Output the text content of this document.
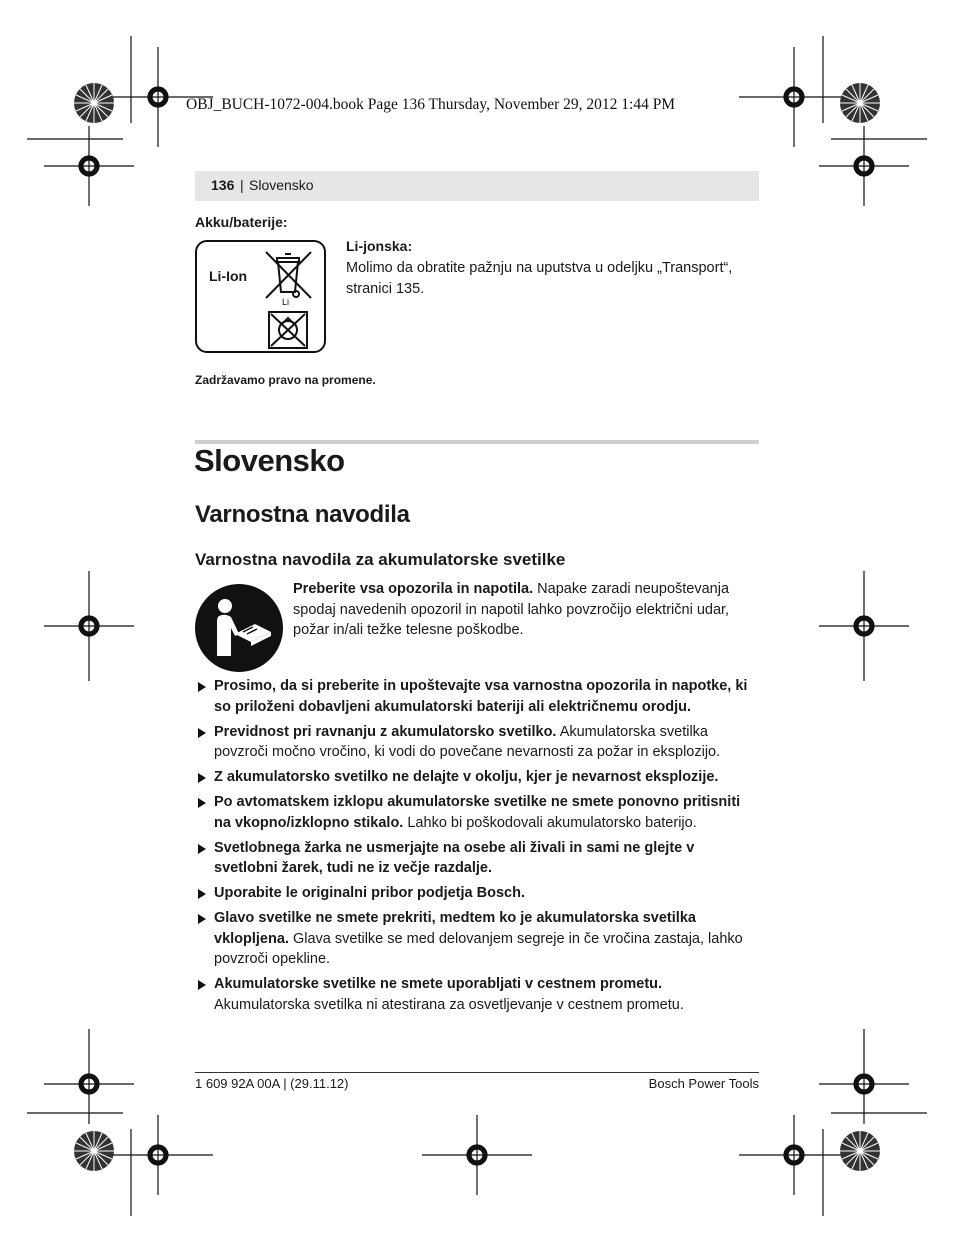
OBJ_BUCH-1072-004.book Page 136 Thursday, November 29, 2012 1:44 PM
136 | Slovensko
Akku/baterije:
Li-Ion
Li
Li-jonska:
Molimo da obratite pažnju na uputstva u odeljku „Transport“, stranici 135.
Zadržavamo pravo na promene.
Slovensko
Varnostna navodila
Varnostna navodila za akumulatorske svetilke
Preberite vsa opozorila in napotila. Napake zaradi neupoštevanja spodaj navedenih opozoril in napotil lahko povzročijo električni udar, požar in/ali težke telesne poškodbe.
Prosimo, da si preberite in upoštevajte vsa varnostna opozorila in napotke, ki so priloženi dobavljeni akumulatorski bateriji ali električnemu orodju.
Previdnost pri ravnanju z akumulatorsko svetilko. Akumulatorska svetilka povzroči močno vročino, ki vodi do povečane nevarnosti za požar in eksplozijo.
Z akumulatorsko svetilko ne delajte v okolju, kjer je nevarnost eksplozije.
Po avtomatskem izklopu akumulatorske svetilke ne smete ponovno pritisniti na vkopno/izklopno stikalo. Lahko bi poškodovali akumulatorsko baterijo.
Svetlobnega žarka ne usmerjajte na osebe ali živali in sami ne glejte v svetlobni žarek, tudi ne iz večje razdalje.
Uporabite le originalni pribor podjetja Bosch.
Glavo svetilke ne smete prekriti, medtem ko je akumulatorska svetilka vklopljena. Glava svetilke se med delovanjem segreje in če vročina zastaja, lahko povzroči opekline.
Akumulatorske svetilke ne smete uporabljati v cestnem prometu. Akumulatorska svetilka ni atestirana za osvetljevanje v cestnem prometu.
1 609 92A 00A | (29.11.12)	Bosch Power Tools
